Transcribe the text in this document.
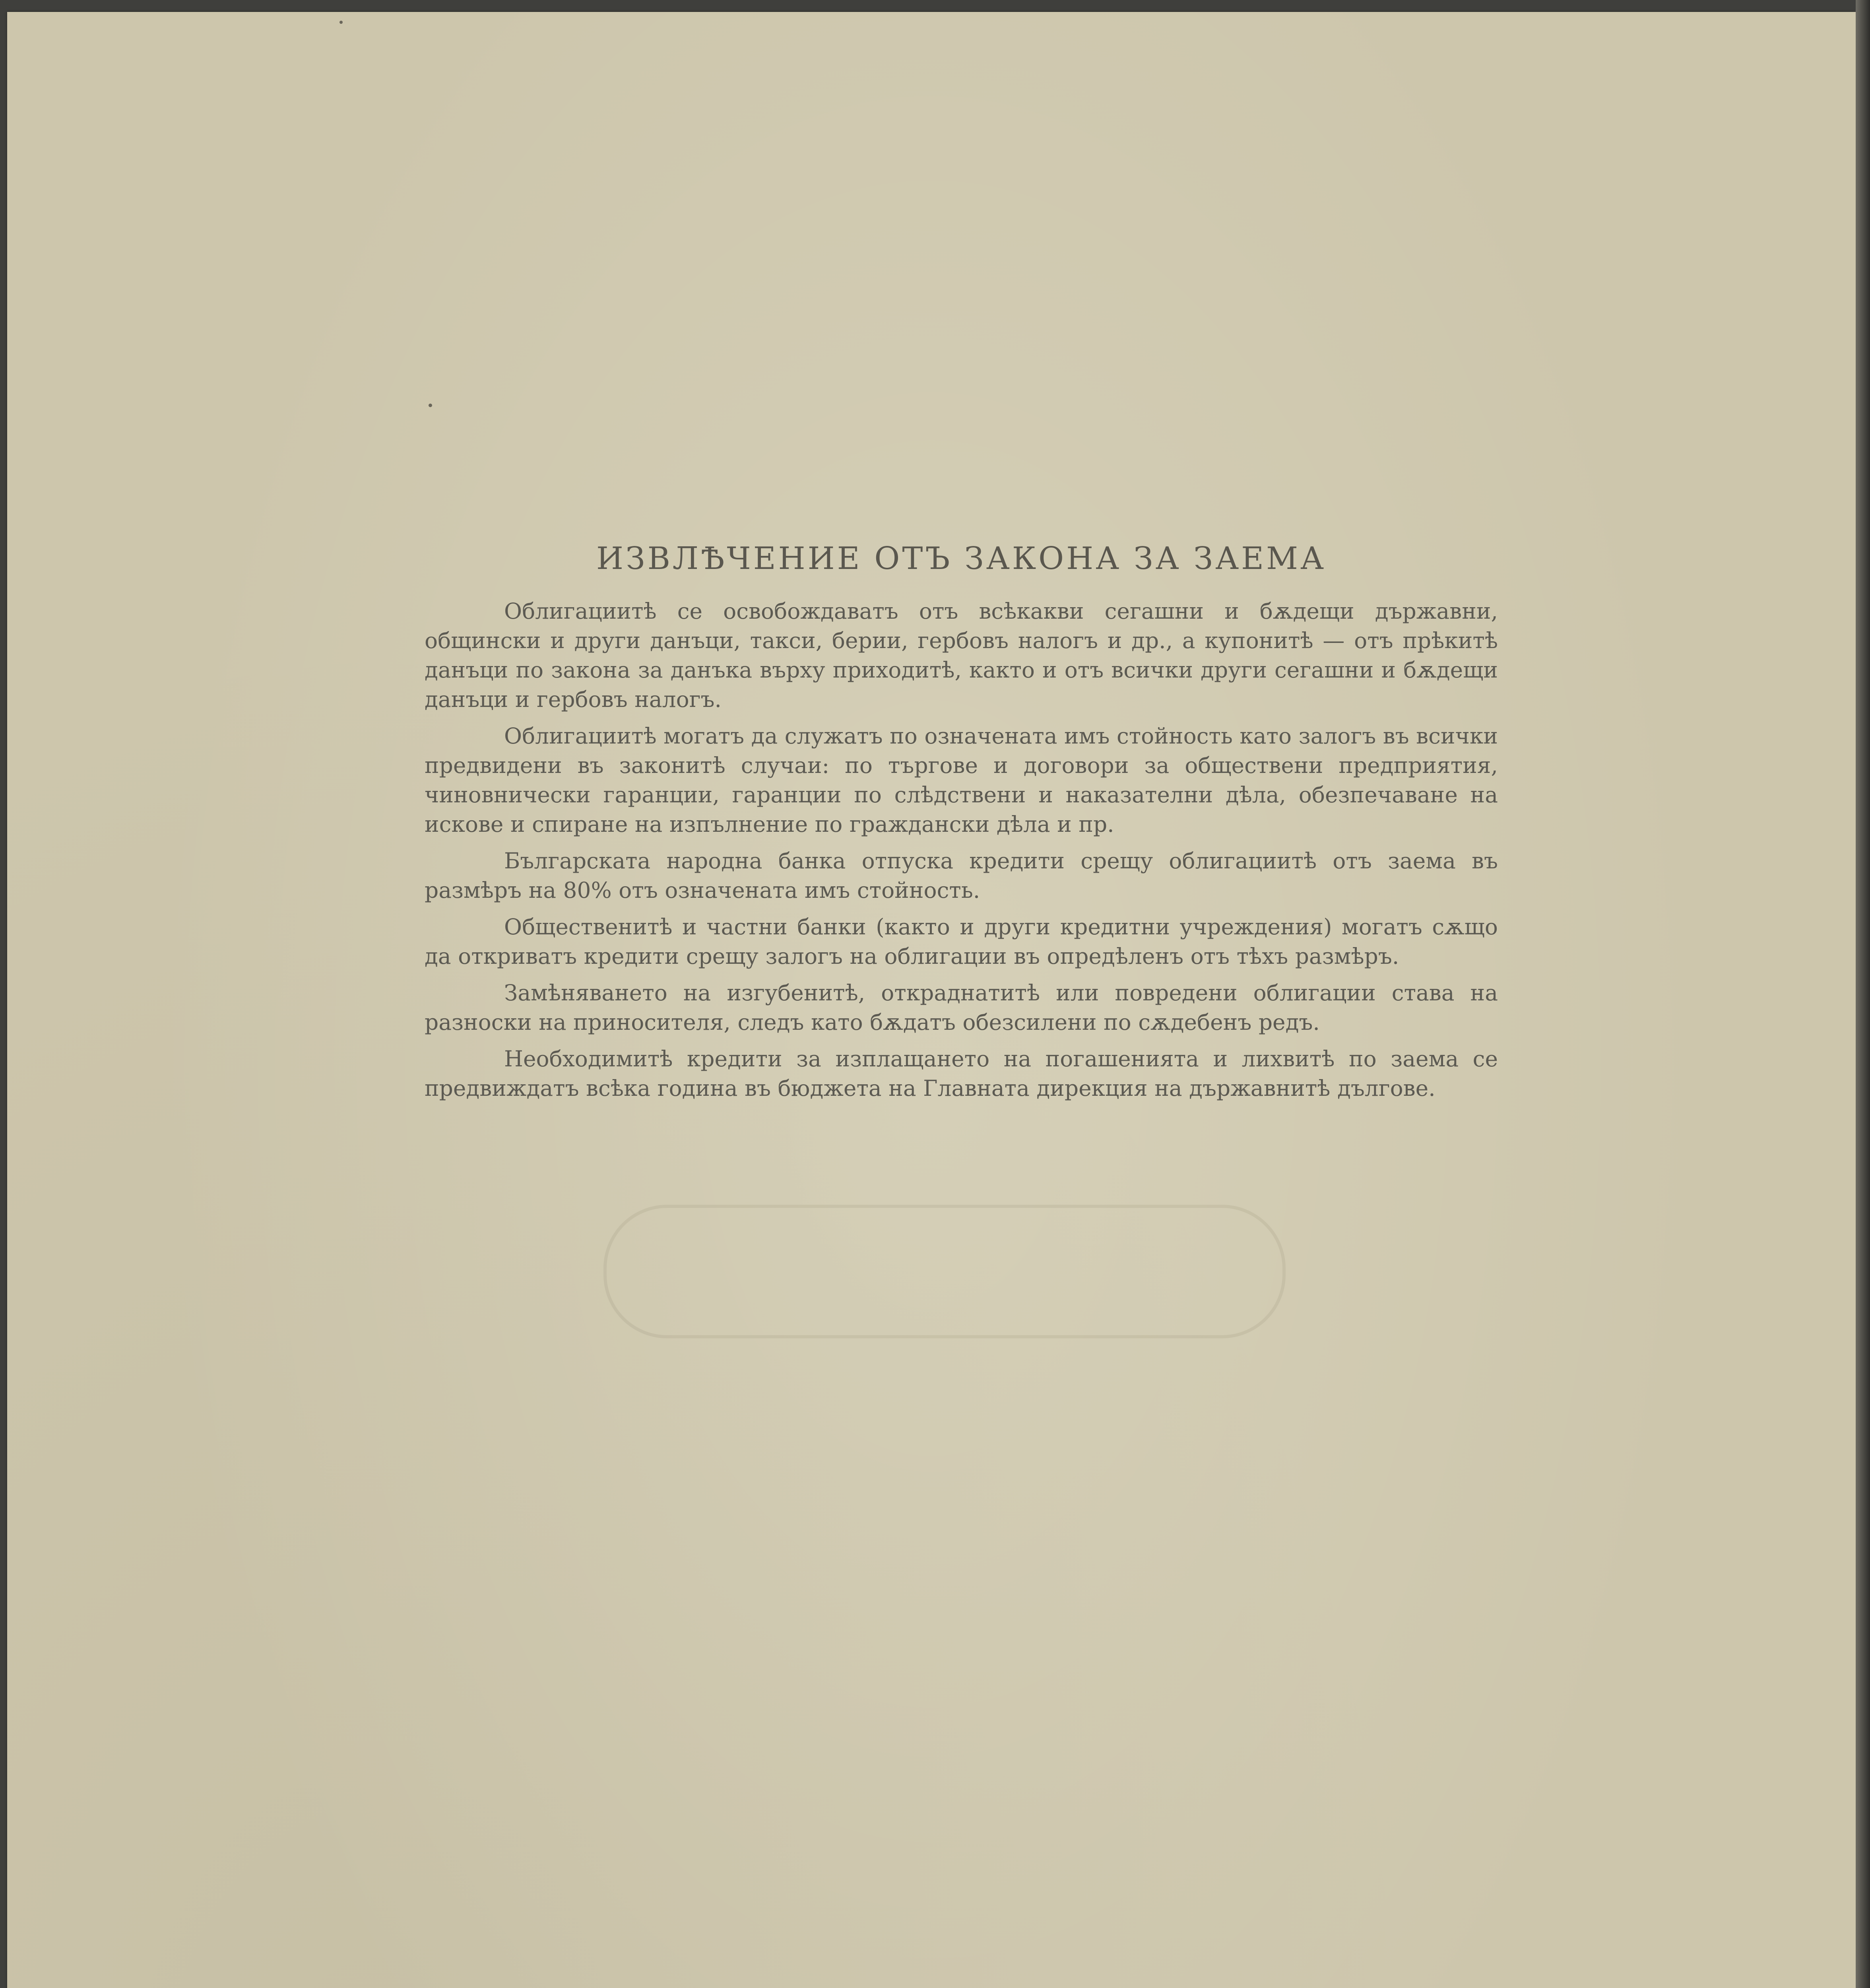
ИЗВЛѢЧЕНИЕ ОТЪ ЗАКОНА ЗА ЗАЕМА

Облигациитѣ се освобождаватъ отъ всѣкакви сегашни и бѫдещи държавни, общински и други данъци, такси, берии, гербовъ налогъ и др., а купонитѣ — отъ прѣкитѣ данъци по закона за данъка върху приходитѣ, както и отъ всички други сегашни и бѫдещи данъци и гербовъ налогъ.

Облигациитѣ могатъ да служатъ по означената имъ стойность като залогъ въ всички предвидени въ законитѣ случаи: по търгове и договори за обществени предприятия, чиновнически гаранции, гаранции по слѣдствени и наказателни дѣла, обезпечаване на искове и спиране на изпълнение по граждански дѣла и пр.

Българската народна банка отпуска кредити срещу облигациитѣ отъ заема въ размѣръ на 80% отъ означената имъ стойность.

Общественитѣ и частни банки (както и други кредитни учреждения) могатъ сѫщо да откриватъ кредити срещу залогъ на облигации въ опредѣленъ отъ тѣхъ размѣръ.

Замѣняването на изгубенитѣ, откраднатитѣ или повредени облигации става на разноски на приносителя, следъ като бѫдатъ обезсилени по сѫдебенъ редъ.

Необходимитѣ кредити за изплащането на погашенията и лихвитѣ по заема се предвиждатъ всѣка година въ бюджета на Главната дирекция на държавнитѣ дългове.
